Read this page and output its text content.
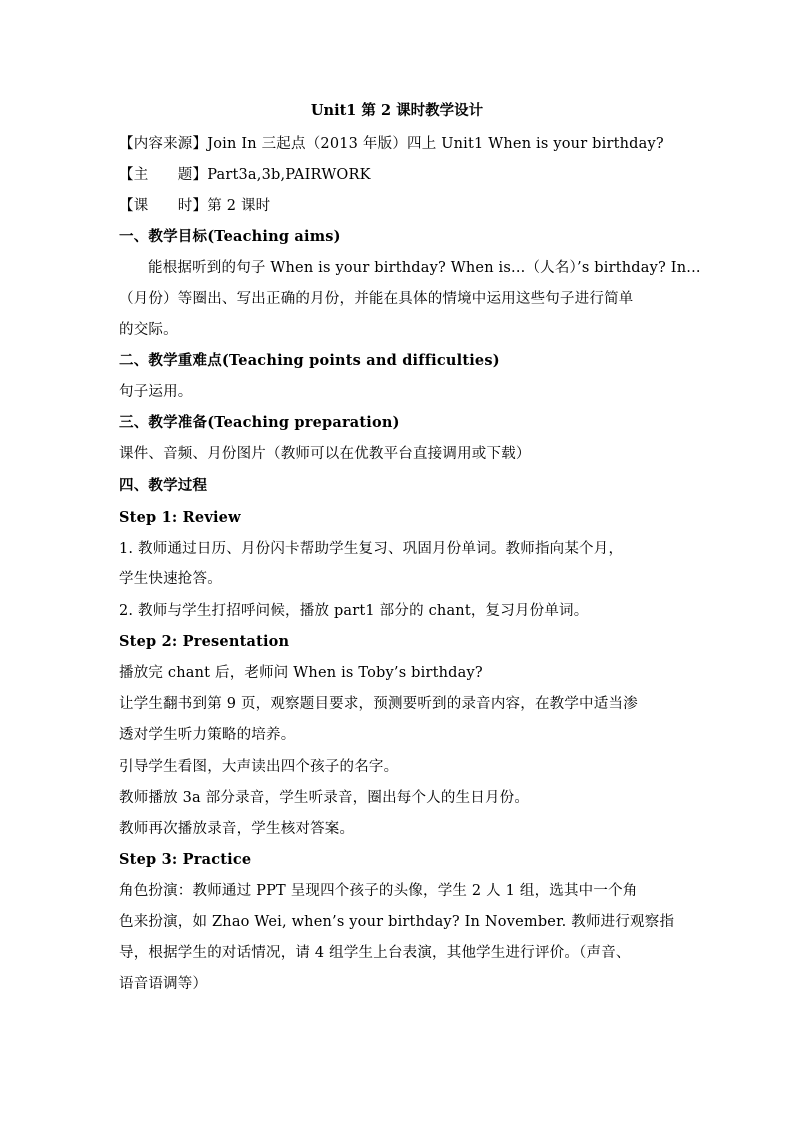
Unit1 第 2 课时教学设计
【内容来源】Join In 三起点（2013 年版）四上 Unit1 When is your birthday?
【主　　题】Part3a,3b,PAIRWORK
【课　　时】第 2 课时
一、教学目标(Teaching aims)
能根据听到的句子 When is your birthday? When is...（人名）’s birthday? In...
（月份）等圈出、写出正确的月份，并能在具体的情境中运用这些句子进行简单
的交际。
二、教学重难点(Teaching points and difficulties)
句子运用。
三、教学准备(Teaching preparation)
课件、音频、月份图片（教师可以在优教平台直接调用或下载）
四、教学过程
Step 1: Review
1. 教师通过日历、月份闪卡帮助学生复习、巩固月份单词。教师指向某个月，
学生快速抢答。
2. 教师与学生打招呼问候，播放 part1 部分的 chant，复习月份单词。
Step 2: Presentation
播放完 chant 后，老师问 When is Toby’s birthday?
让学生翻书到第 9 页，观察题目要求，预测要听到的录音内容，在教学中适当渗
透对学生听力策略的培养。
引导学生看图，大声读出四个孩子的名字。
教师播放 3a 部分录音，学生听录音，圈出每个人的生日月份。
教师再次播放录音，学生核对答案。
Step 3: Practice
角色扮演：教师通过 PPT 呈现四个孩子的头像，学生 2 人 1 组，选其中一个角
色来扮演，如 Zhao Wei, when’s your birthday? In November. 教师进行观察指
导，根据学生的对话情况，请 4 组学生上台表演，其他学生进行评价。（声音、
语音语调等）
